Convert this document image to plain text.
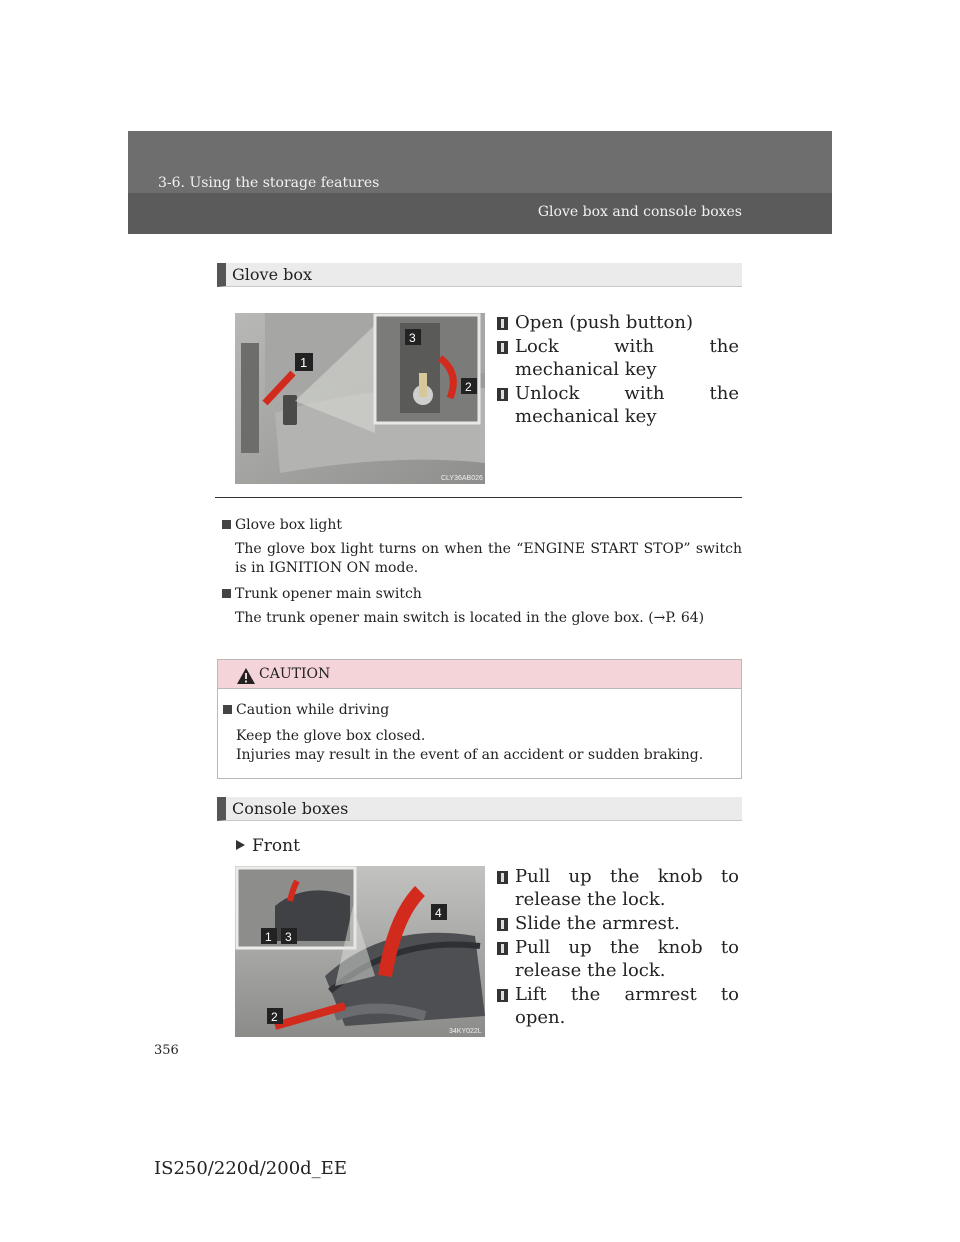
3-6. Using the storage features
Glove box and console boxes
Glove box
1
3
2
CLY36AB026
Open (push button)
Lock with the mechanical key
Unlock with the mechanical key
Glove box light
The glove box light turns on when the “ENGINE START STOP” switch is in IGNITION ON mode.
Trunk opener main switch
The trunk opener main switch is located in the glove box. (→P. 64)
CAUTION
Caution while driving
Keep the glove box closed.
Injuries may result in the event of an accident or sudden braking.
Console boxes
Front
1 3
2
4
34KY022L
Pull up the knob to release the lock.
Slide the armrest.
Pull up the knob to release the lock.
Lift the armrest to open.
356
IS250/220d/200d_EE
